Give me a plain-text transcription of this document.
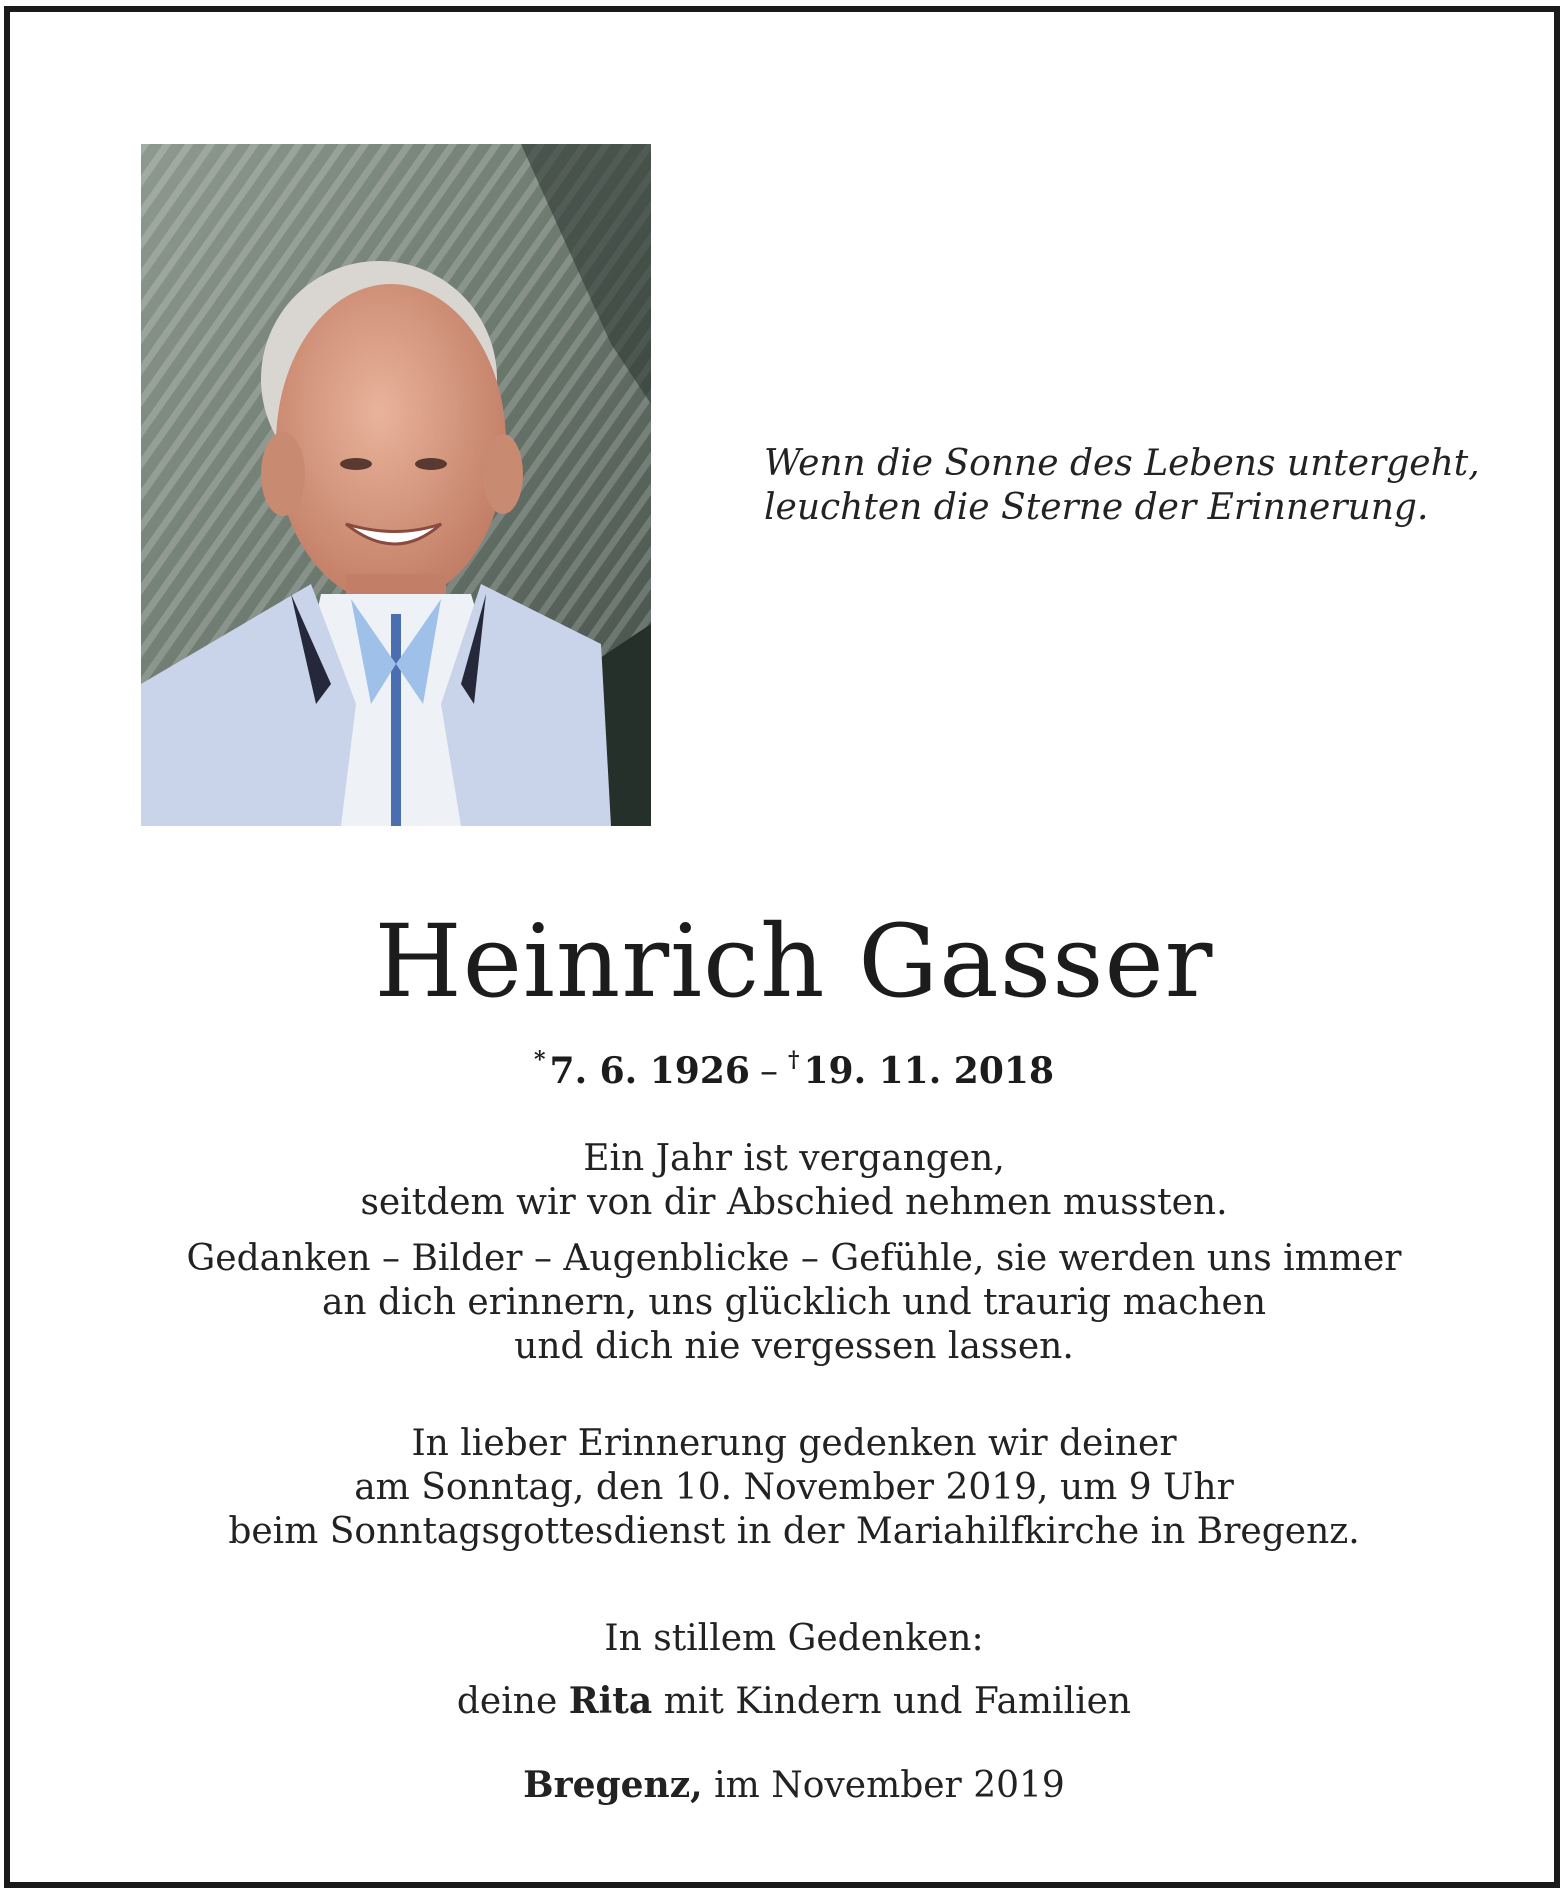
Wenn die Sonne des Lebens untergeht,
leuchten die Sterne der Erinnerung.
Heinrich Gasser
* 7. 6. 1926 – † 19. 11. 2018
Ein Jahr ist vergangen,
seitdem wir von dir Abschied nehmen mussten.
Gedanken – Bilder – Augenblicke – Gefühle, sie werden uns immer
an dich erinnern, uns glücklich und traurig machen
und dich nie vergessen lassen.
In lieber Erinnerung gedenken wir deiner
am Sonntag, den 10. November 2019, um 9 Uhr
beim Sonntagsgottesdienst in der Mariahilfkirche in Bregenz.
In stillem Gedenken:
deine Rita mit Kindern und Familien
Bregenz, im November 2019
